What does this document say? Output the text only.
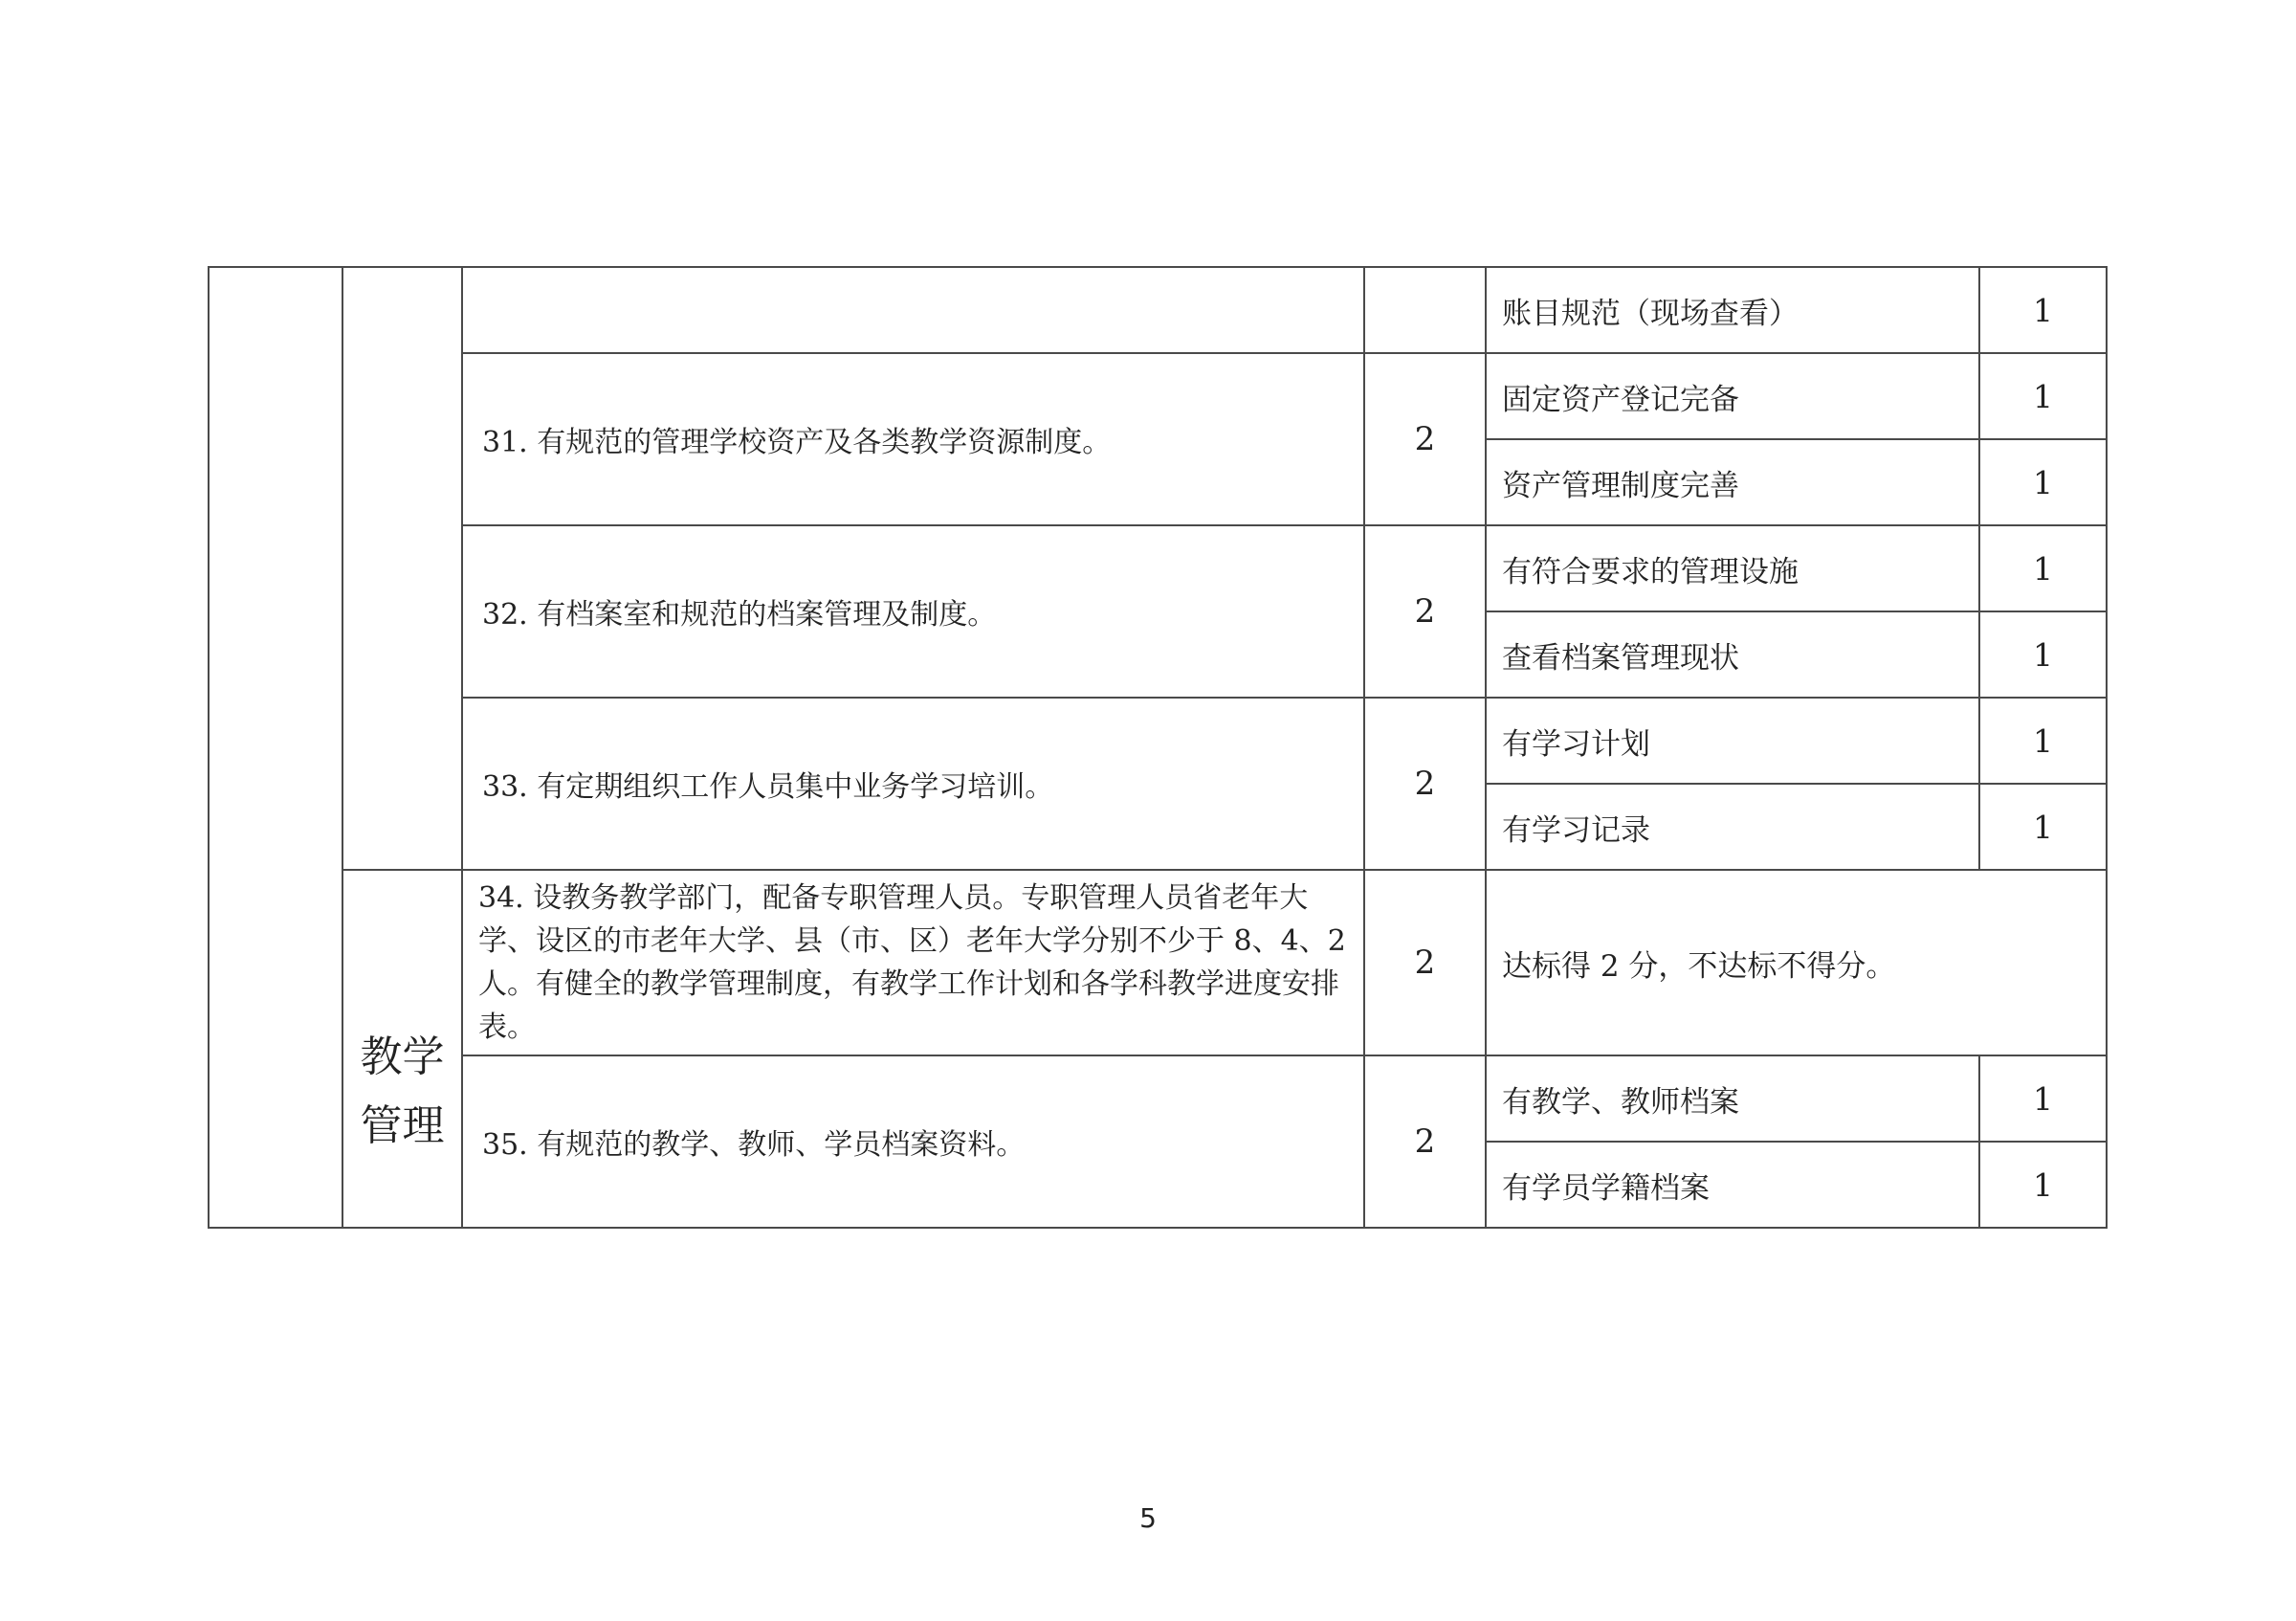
				账目规范（现场查看）	1
		31. 有规范的管理学校资产及各类教学资源制度。	2	固定资产登记完备	1
				资产管理制度完善	1
		32. 有档案室和规范的档案管理及制度。	2	有符合要求的管理设施	1
				查看档案管理现状	1
		33. 有定期组织工作人员集中业务学习培训。	2	有学习计划	1
				有学习记录	1
	教学管理	34. 设教务教学部门，配备专职管理人员。专职管理人员省老年大学、设区的市老年大学、县（市、区）老年大学分别不少于 8、4、2 人。有健全的教学管理制度，有教学工作计划和各学科教学进度安排表。	2	达标得 2 分，不达标不得分。	

		35. 有规范的教学、教师、学员档案资料。	2	有教学、教师档案	1
				有学员学籍档案	1
5
